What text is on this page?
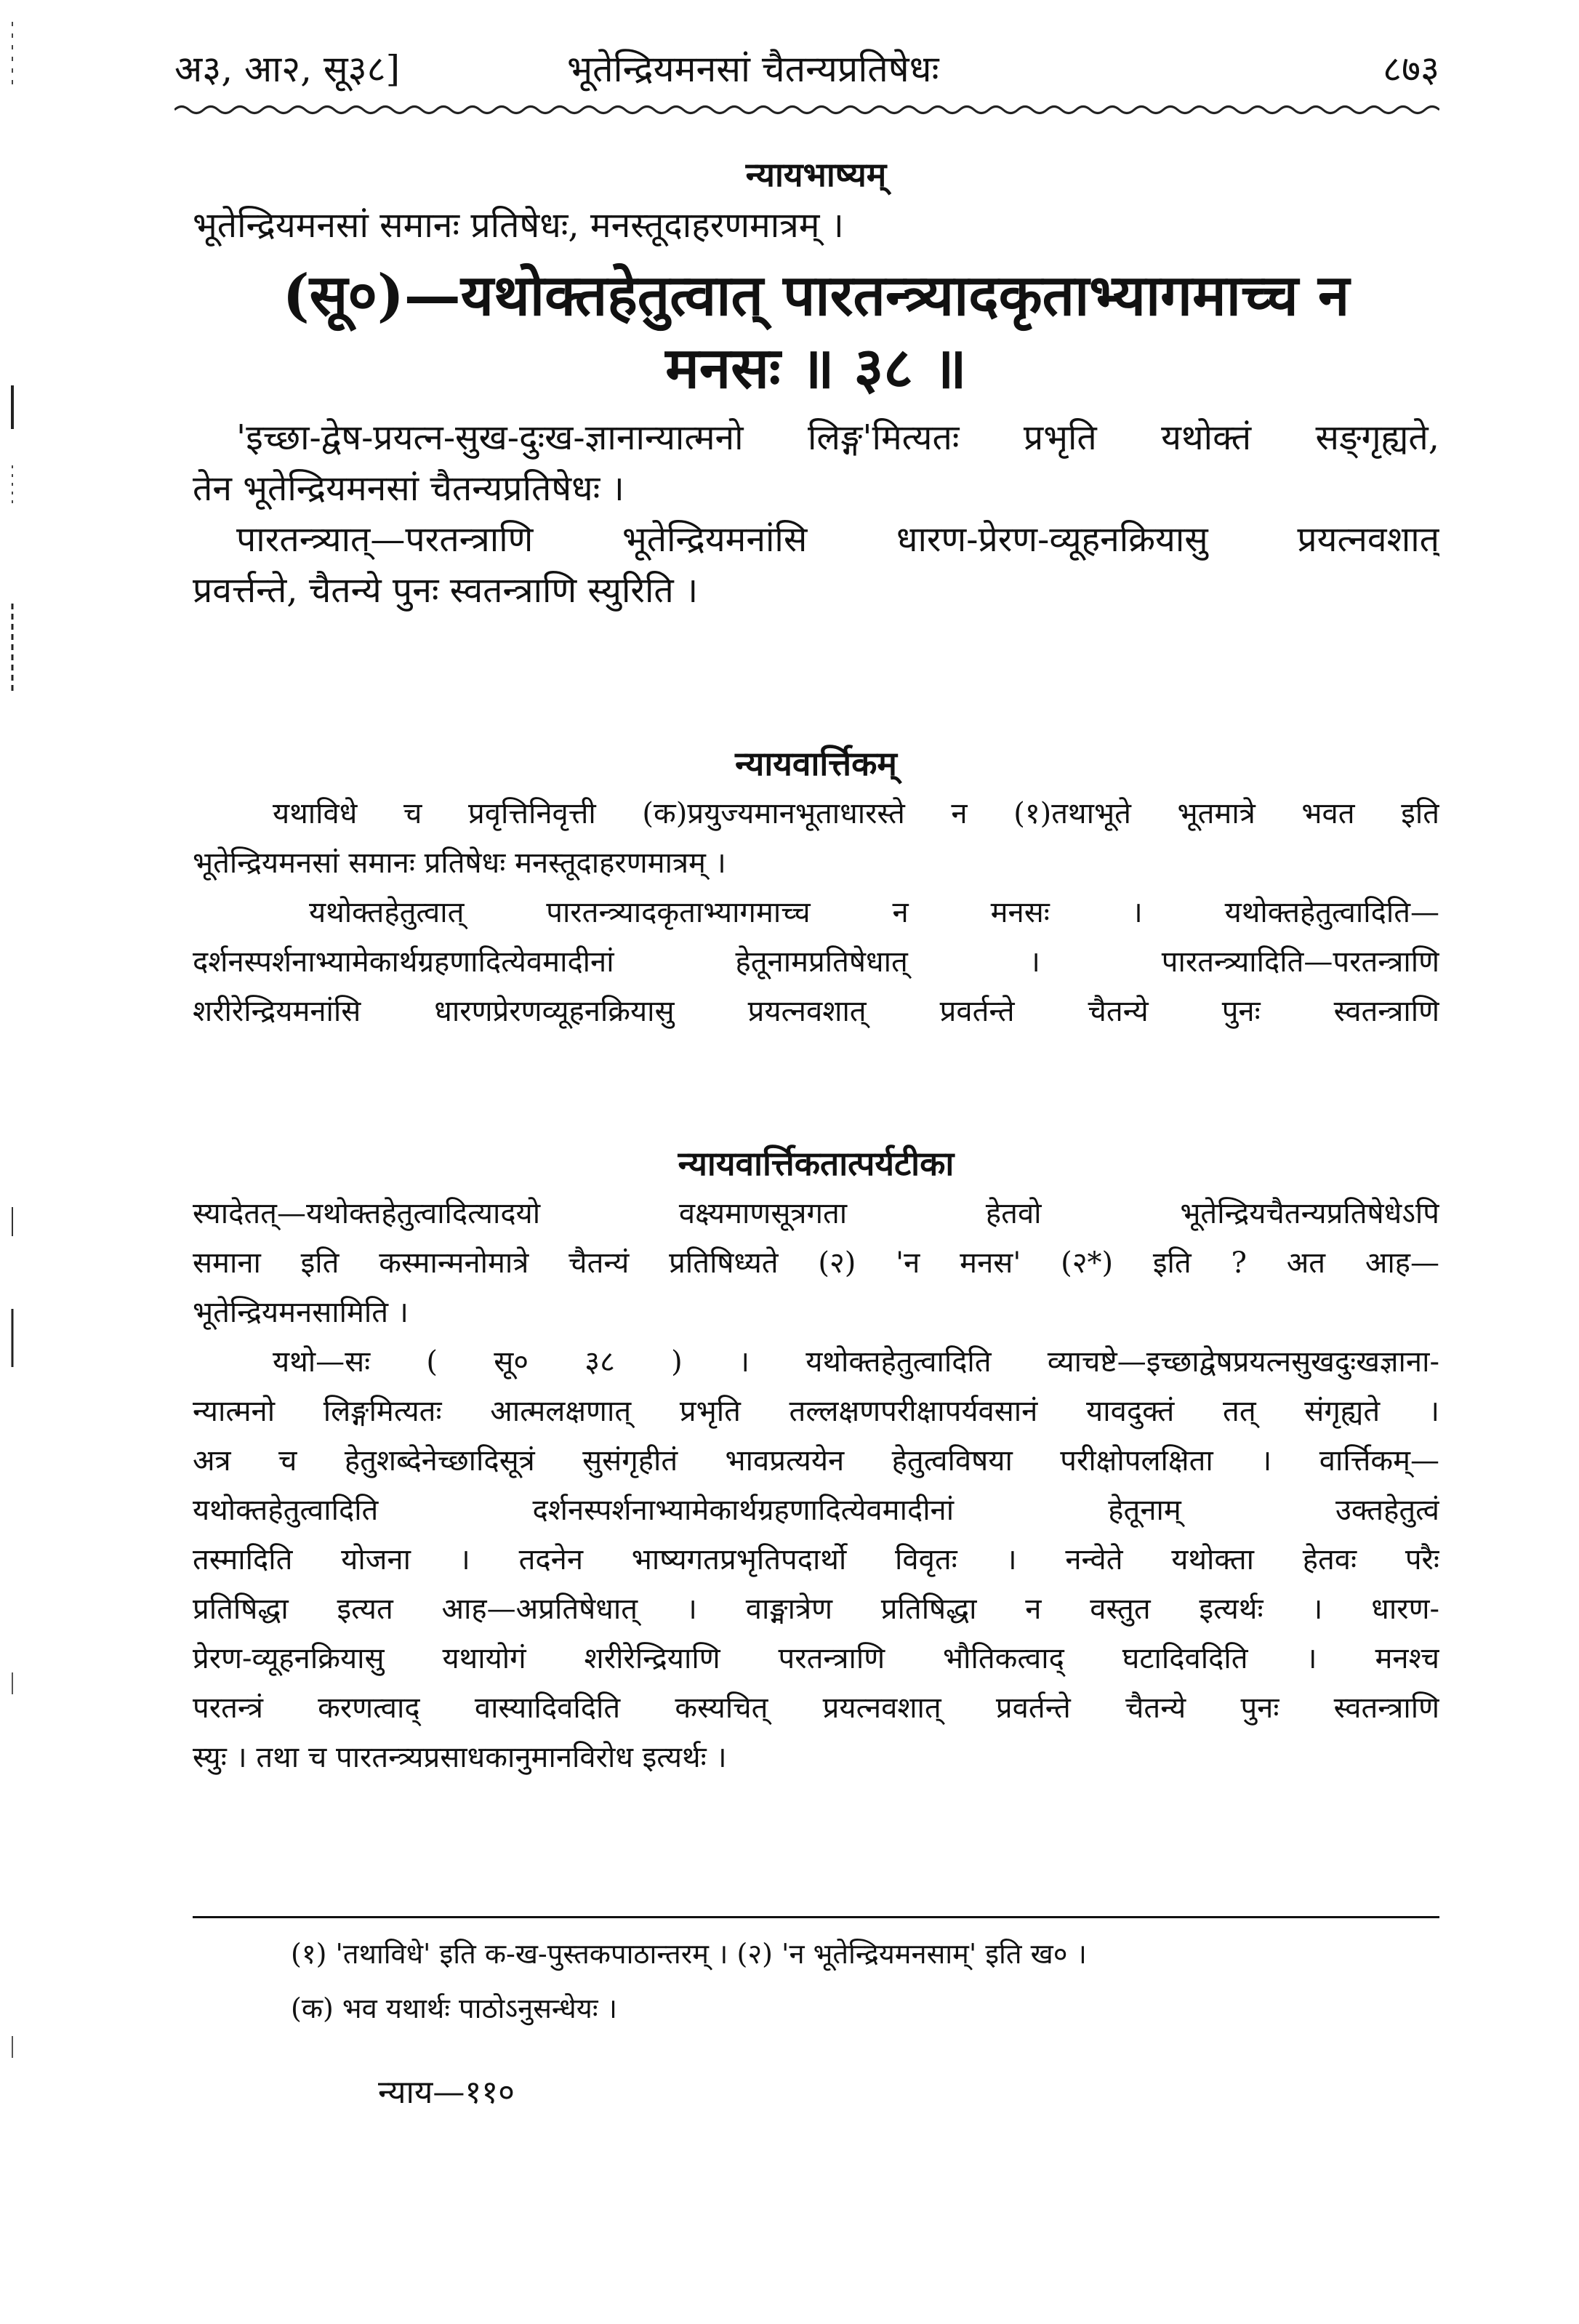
अ३, आ२, सू३८]	भूतेन्द्रियमनसां चैतन्यप्रतिषेधः	८७३
न्यायभाष्यम्
भूतेन्द्रियमनसां समानः प्रतिषेधः, मनस्तूदाहरणमात्रम् ।
(सू०)—यथोक्तहेतुत्वात् पारतन्त्र्यादकृताभ्यागमाच्च न
मनसः ॥ ३८ ॥
'इच्छा-द्वेष-प्रयत्न-सुख-दुःख-ज्ञानान्यात्मनो लिङ्ग'मित्यतः प्रभृति यथोक्तं सङ्गृह्यते,
तेन भूतेन्द्रियमनसां चैतन्यप्रतिषेधः ।
पारतन्त्र्यात्—परतन्त्राणि भूतेन्द्रियमनांसि धारण-प्रेरण-व्यूहनक्रियासु प्रयत्नवशात्
प्रवर्त्तन्ते, चैतन्ये पुनः स्वतन्त्राणि स्युरिति ।
न्यायवार्त्तिकम्
यथाविधे च प्रवृत्तिनिवृत्ती (क)प्रयुज्यमानभूताधारस्ते न (१)तथाभूते भूतमात्रे भवत इति
भूतेन्द्रियमनसां समानः प्रतिषेधः मनस्तूदाहरणमात्रम् ।
यथोक्तहेतुत्वात् पारतन्त्र्यादकृताभ्यागमाच्च न मनसः । यथोक्तहेतुत्वादिति—
दर्शनस्पर्शनाभ्यामेकार्थग्रहणादित्येवमादीनां हेतूनामप्रतिषेधात् । पारतन्त्र्यादिति—परतन्त्राणि
शरीरेन्द्रियमनांसि धारणप्रेरणव्यूहनक्रियासु प्रयत्नवशात् प्रवर्तन्ते चैतन्ये पुनः स्वतन्त्राणि
न्यायवार्त्तिकतात्पर्यटीका
स्यादेतत्—यथोक्तहेतुत्वादित्यादयो वक्ष्यमाणसूत्रगता हेतवो भूतेन्द्रियचैतन्यप्रतिषेधेऽपि
समाना इति कस्मान्मनोमात्रे चैतन्यं प्रतिषिध्यते (२) 'न मनस' (२*) इति ? अत आह—
भूतेन्द्रियमनसामिति ।
यथो—सः ( सू० ३८ ) । यथोक्तहेतुत्वादिति व्याचष्टे—इच्छाद्वेषप्रयत्नसुखदुःखज्ञाना-
न्यात्मनो लिङ्गमित्यतः आत्मलक्षणात् प्रभृति तल्लक्षणपरीक्षापर्यवसानं यावदुक्तं तत् संगृह्यते ।
अत्र च हेतुशब्देनेच्छादिसूत्रं सुसंगृहीतं भावप्रत्ययेन हेतुत्वविषया परीक्षोपलक्षिता । वार्त्तिकम्—
यथोक्तहेतुत्वादिति दर्शनस्पर्शनाभ्यामेकार्थग्रहणादित्येवमादीनां हेतूनाम् उक्तहेतुत्वं
तस्मादिति योजना । तदनेन भाष्यगतप्रभृतिपदार्थो विवृतः । नन्वेते यथोक्ता हेतवः परैः
प्रतिषिद्धा इत्यत आह—अप्रतिषेधात् । वाङ्मात्रेण प्रतिषिद्धा न वस्तुत इत्यर्थः । धारण-
प्रेरण-व्यूहनक्रियासु यथायोगं शरीरेन्द्रियाणि परतन्त्राणि भौतिकत्वाद् घटादिवदिति । मनश्च
परतन्त्रं करणत्वाद् वास्यादिवदिति कस्यचित् प्रयत्नवशात् प्रवर्तन्ते चैतन्ये पुनः स्वतन्त्राणि
स्युः । तथा च पारतन्त्र्यप्रसाधकानुमानविरोध इत्यर्थः ।
(१) 'तथाविधे' इति क-ख-पुस्तकपाठान्तरम् । (२) 'न भूतेन्द्रियमनसाम्' इति ख० ।
(क) भव यथार्थः पाठोऽनुसन्धेयः ।
न्याय—११०
